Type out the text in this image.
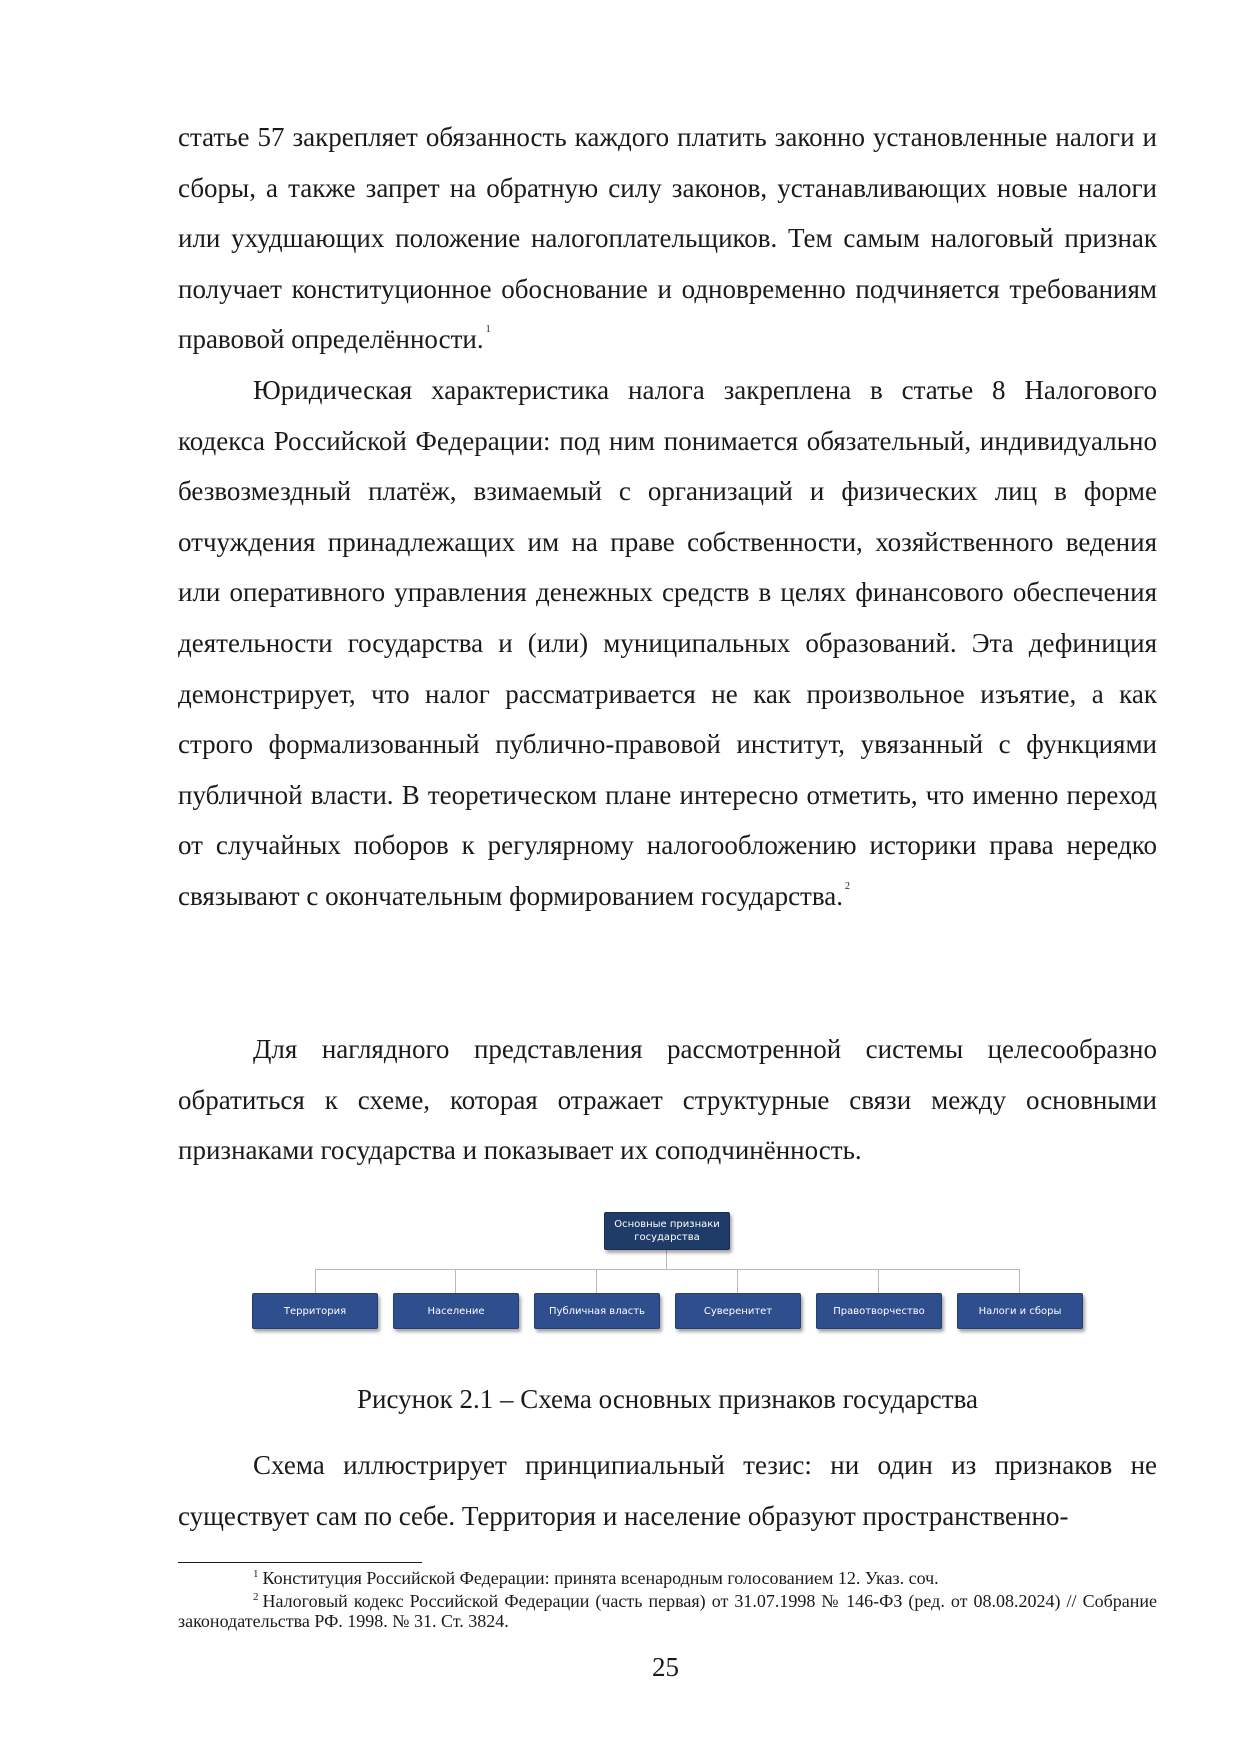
статье 57 закрепляет обязанность каждого платить законно установленные налоги и сборы, а также запрет на обратную силу законов, устанавливающих новые налоги или ухудшающих положение налогоплательщиков. Тем самым налоговый признак получает конституционное обоснование и одновременно подчиняется требованиям правовой определённости. $^1$

Юридическая характеристика налога закреплена в статье 8 Налогового кодекса Российской Федерации: под ним понимается обязательный, индивидуально безвозмездный платёж, взимаемый с организаций и физических лиц в форме отчуждения принадлежащих им на праве собственности, хозяйственного ведения или оперативного управления денежных средств в целях финансового обеспечения деятельности государства и (или) муниципальных образований. Эта дефиниция демонстрирует, что налог рассматривается не как произвольное изъятие, а как строго формализованный публично-правовой институт, увязанный с функциями публичной власти. В теоретическом плане интересно отметить, что именно переход от случайных поборов к регулярному налогообложению историки права нередко связывают с окончательным формированием государства. $^2$

Для наглядного представления рассмотренной системы целесообразно обратиться к схеме, которая отражает структурные связи между основными признаками государства и показывает их соподчинённость.

Основные признаки государства
Территория	Население	Публичная власть	Суверенитет	Правотворчество	Налоги и сборы
Рисунок 2.1 – Схема основных признаков государства

Схема иллюстрирует принципиальный тезис: ни один из признаков не существует сам по себе. Территория и население образуют пространственно-

$^1$ Конституция Российской Федерации: принята всенародным голосованием 12. Указ. соч.

$^2$ Налоговый кодекс Российской Федерации (часть первая) от 31.07.1998 № 146-ФЗ (ред. от 08.08.2024) // Собрание законодательства РФ. 1998. № 31. Ст. 3824.

25
